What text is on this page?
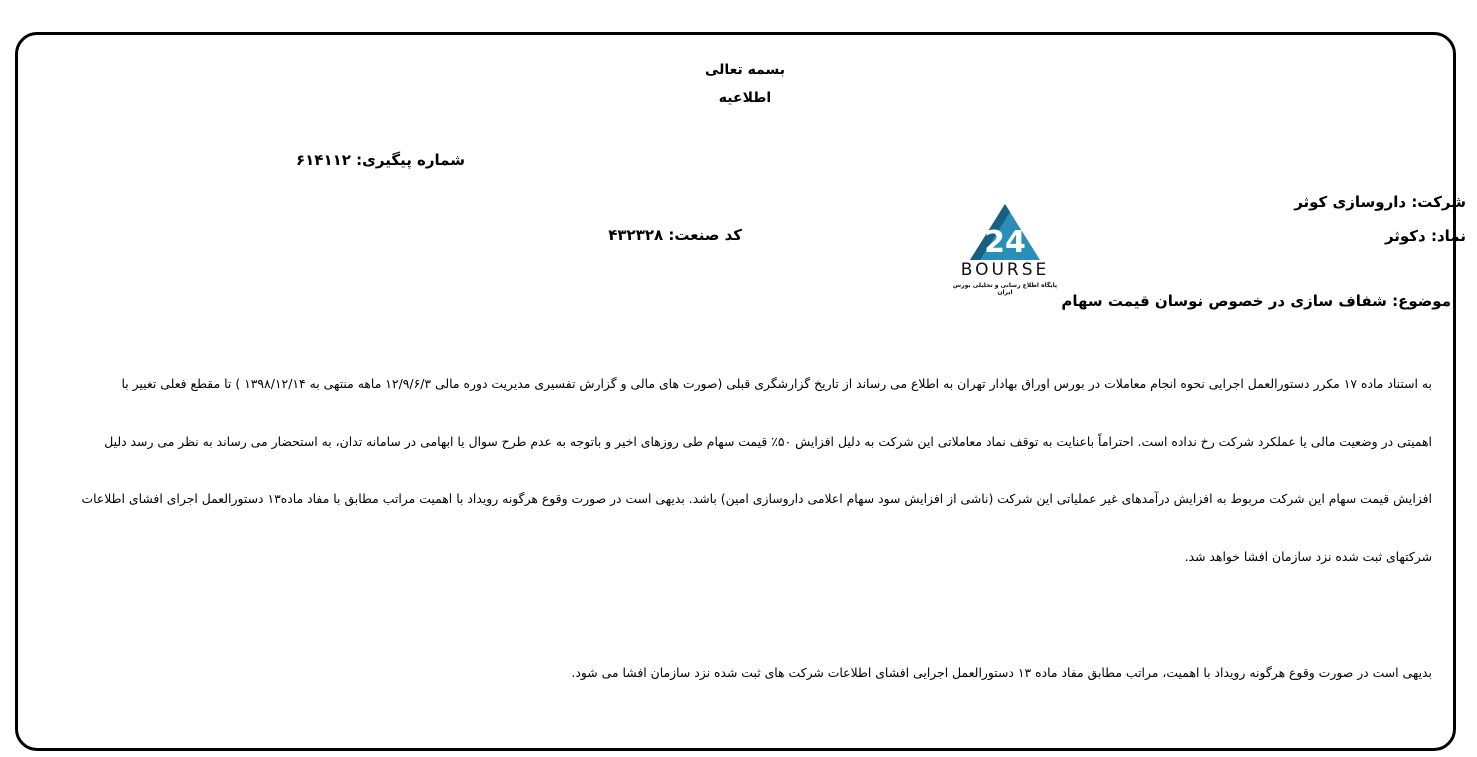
بسمه تعالی
اطلاعیه
شماره پیگیری: ۶۱۴۱۱۲
شرکت: داروسازی کوثر
نماد: دکوثر
کد صنعت: ۴۳۲۳۲۸	24
BOURSE
پایگاه اطلاع رسانی و تحلیلی بورس ایران	موضوع: شفاف سازی در خصوص نوسان قیمت سهام
به استناد ماده ۱۷ مکرر دستورالعمل اجرایی نحوه انجام معاملات در بورس اوراق بهادار تهران به اطلاع می رساند از تاریخ گزارشگری قبلی (صورت های مالی و گزارش تفسیری مدیریت دوره مالی ۱۲/۹/۶/۳ ماهه منتهی به ۱۳۹۸/۱۲/۱۴ ) تا مقطع فعلی تغییر با
اهمیتی در وضعیت مالی یا عملکرد شرکت رخ نداده است. احتراماً باعنایت به توقف نماد معاملاتی این شرکت به دلیل افزایش ۵۰٪ قیمت سهام طی روزهای اخیر و باتوجه به عدم طرح سوال یا ابهامی در سامانه تدان، به استحضار می رساند به نظر می رسد دلیل
افزایش قیمت سهام این شرکت مربوط به افزایش درآمدهای غیر عملیاتی این شرکت (ناشی از افزایش سود سهام اعلامی داروسازی امین) باشد. بدیهی است در صورت وقوع هرگونه رویداد با اهمیت مراتب مطابق با مفاد ماده۱۳ دستورالعمل اجرای افشای اطلاعات
شرکتهای ثبت شده نزد سازمان افشا خواهد شد.
بدیهی است در صورت وقوع هرگونه رویداد با اهمیت، مراتب مطابق مفاد ماده ۱۳ دستورالعمل اجرایی افشای اطلاعات شرکت های ثبت شده نزد سازمان افشا می شود.
